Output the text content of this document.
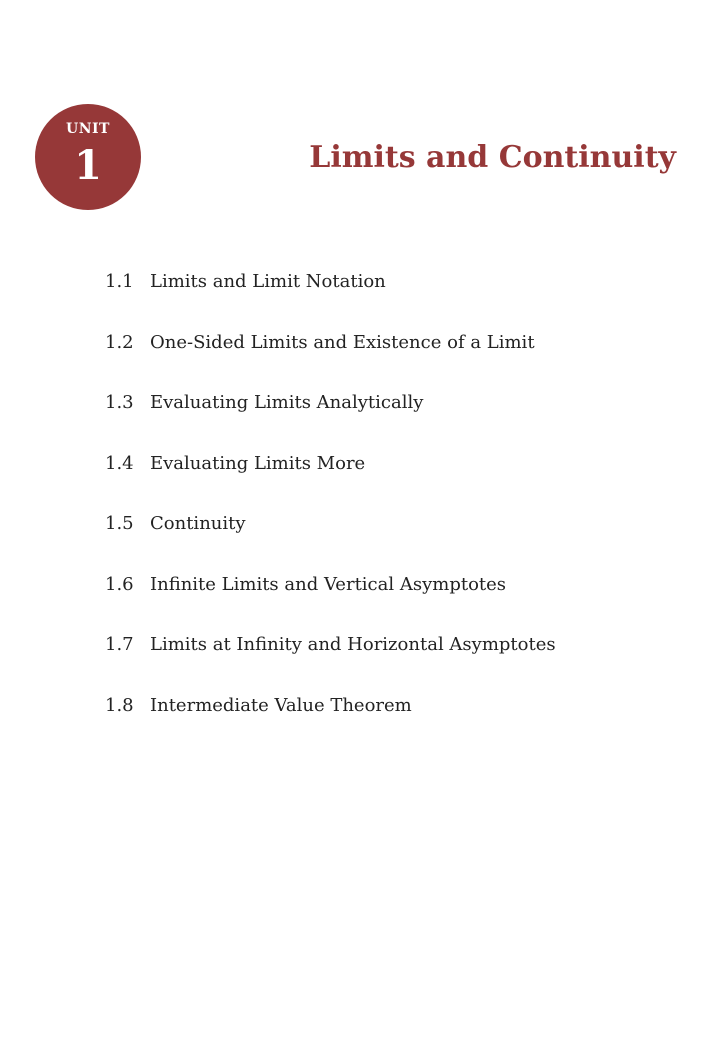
UNIT
1	Limits and Continuity
1.1 Limits and Limit Notation
1.2 One-Sided Limits and Existence of a Limit
1.3 Evaluating Limits Analytically
1.4 Evaluating Limits More
1.5 Continuity
1.6 Infinite Limits and Vertical Asymptotes
1.7 Limits at Infinity and Horizontal Asymptotes
1.8 Intermediate Value Theorem
